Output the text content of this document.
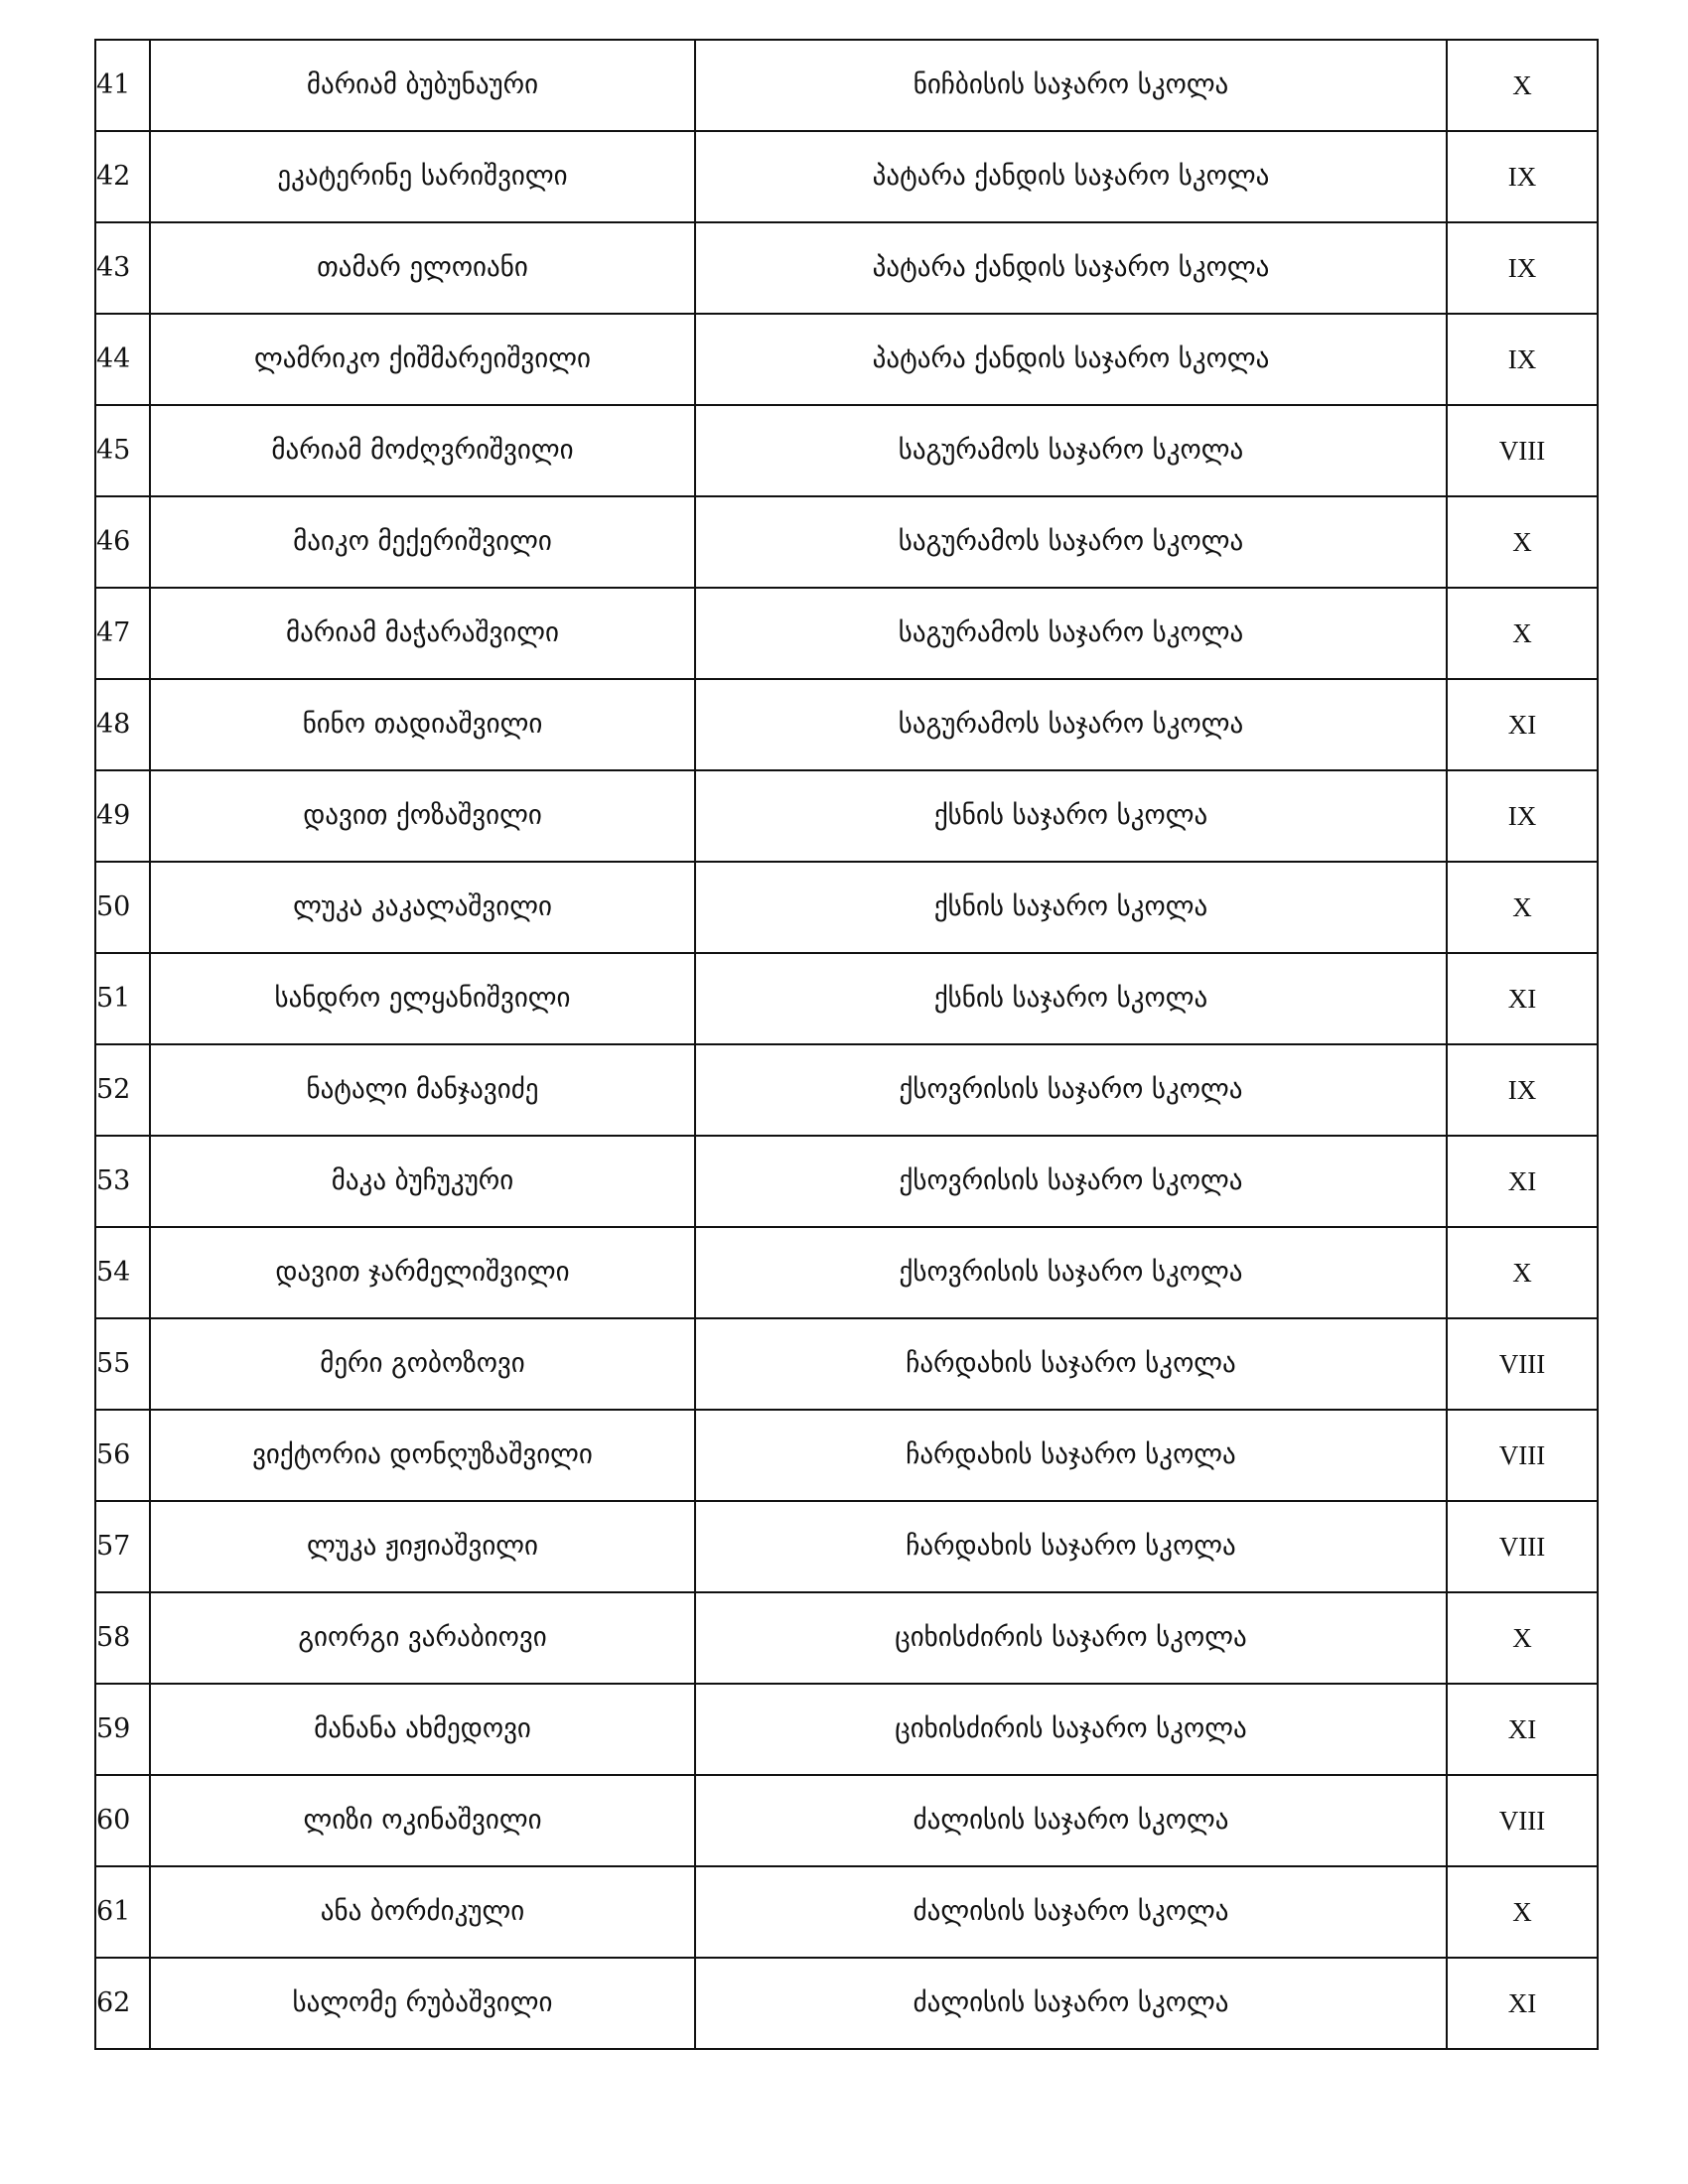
41	მარიამ ბუბუნაური	ნიჩბისის საჯარო სკოლა	X
42	ეკატერინე სარიშვილი	პატარა ქანდის საჯარო სკოლა	IX
43	თამარ ელოიანი	პატარა ქანდის საჯარო სკოლა	IX
44	ლამრიკო ქიშმარეიშვილი	პატარა ქანდის საჯარო სკოლა	IX
45	მარიამ მოძღვრიშვილი	საგურამოს საჯარო სკოლა	VIII
46	მაიკო მექერიშვილი	საგურამოს საჯარო სკოლა	X
47	მარიამ მაჭარაშვილი	საგურამოს საჯარო სკოლა	X
48	ნინო თადიაშვილი	საგურამოს საჯარო სკოლა	XI
49	დავით ქოზაშვილი	ქსნის საჯარო სკოლა	IX
50	ლუკა კაკალაშვილი	ქსნის საჯარო სკოლა	X
51	სანდრო ელყანიშვილი	ქსნის საჯარო სკოლა	XI
52	ნატალი მანჯავიძე	ქსოვრისის საჯარო სკოლა	IX
53	მაკა ბუჩუკური	ქსოვრისის საჯარო სკოლა	XI
54	დავით ჯარმელიშვილი	ქსოვრისის საჯარო სკოლა	X
55	მერი გობოზოვი	ჩარდახის საჯარო სკოლა	VIII
56	ვიქტორია დონღუზაშვილი	ჩარდახის საჯარო სკოლა	VIII
57	ლუკა ჟიჟიაშვილი	ჩარდახის საჯარო სკოლა	VIII
58	გიორგი ვარაბიოვი	ციხისძირის საჯარო სკოლა	X
59	მანანა ახმედოვი	ციხისძირის საჯარო სკოლა	XI
60	ლიზი ოკინაშვილი	ძალისის საჯარო სკოლა	VIII
61	ანა ბორძიკული	ძალისის საჯარო სკოლა	X
62	სალომე რუბაშვილი	ძალისის საჯარო სკოლა	XI
